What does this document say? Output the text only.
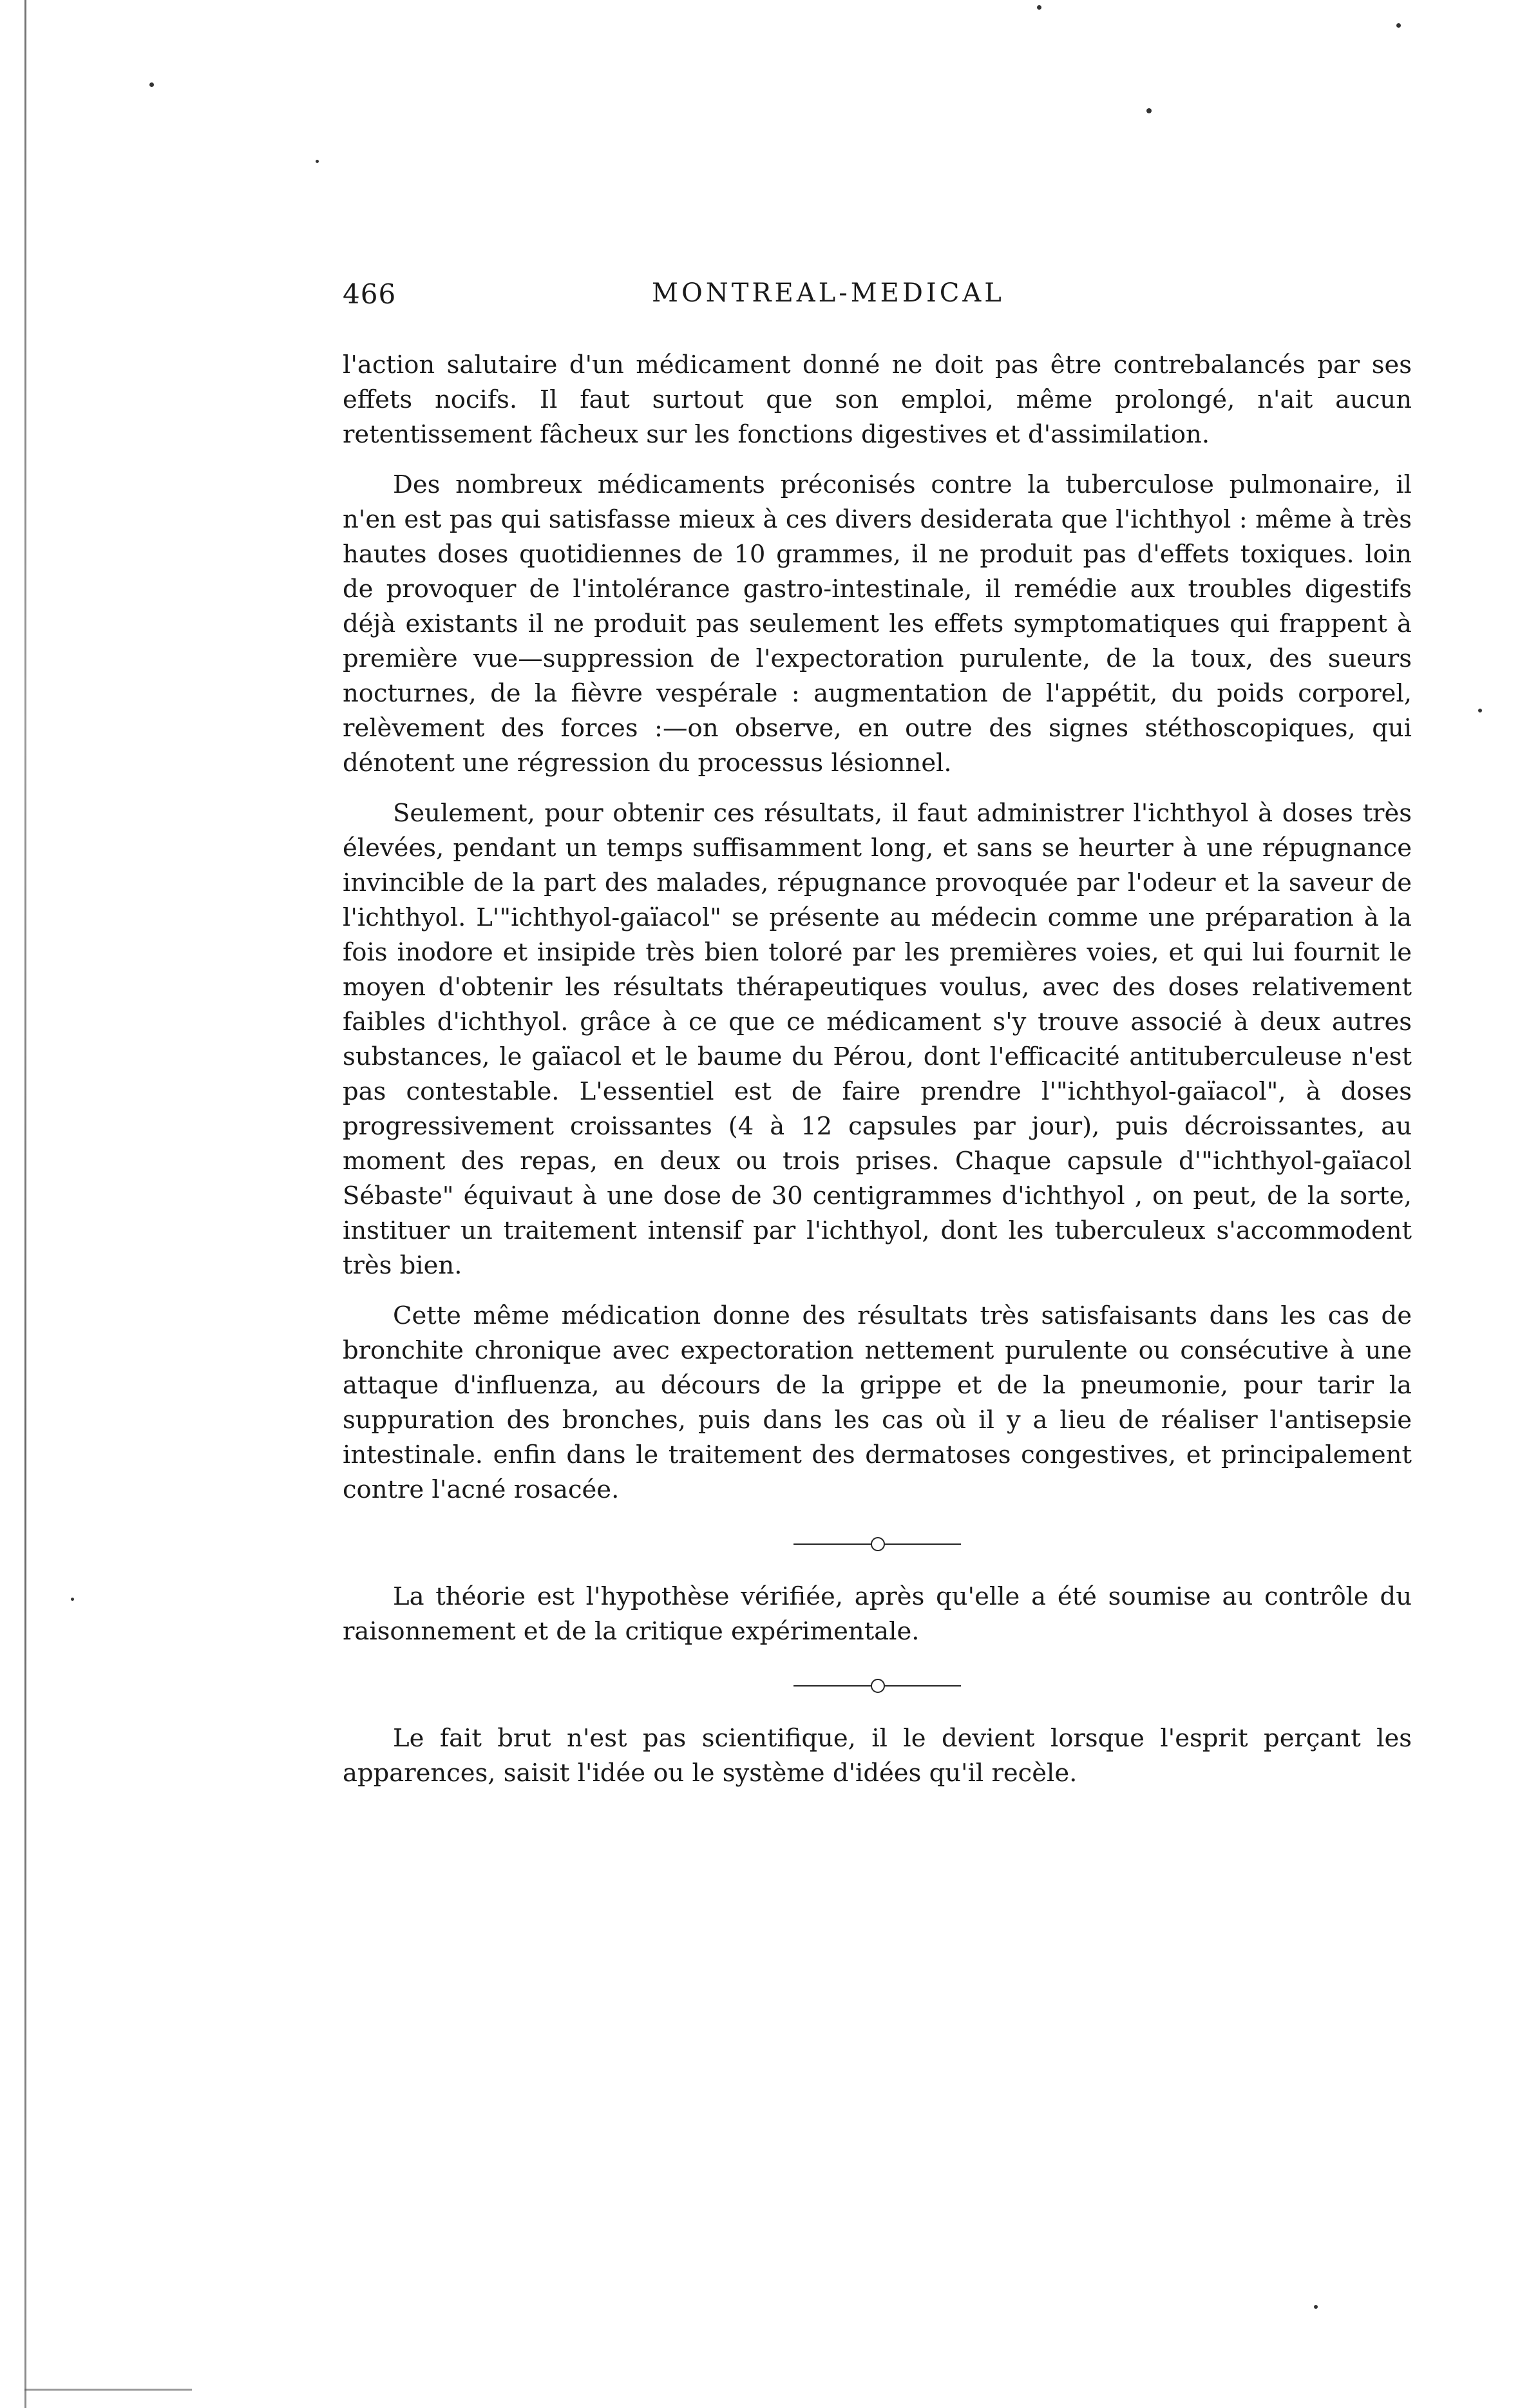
466	MONTREAL-MEDICAL

l'action salutaire d'un médicament donné ne doit pas être contrebalancés par ses effets nocifs. Il faut surtout que son emploi, même prolongé, n'ait aucun retentissement fâcheux sur les fonctions digestives et d'assimilation.

Des nombreux médicaments préconisés contre la tuberculose pulmonaire, il n'en est pas qui satisfasse mieux à ces divers desiderata que l'ichthyol : même à très hautes doses quotidiennes de 10 grammes, il ne produit pas d'effets toxiques. loin de provoquer de l'intolérance gastro-intestinale, il remédie aux troubles digestifs déjà existants il ne produit pas seulement les effets symptomatiques qui frappent à première vue—suppression de l'expectoration purulente, de la toux, des sueurs nocturnes, de la fièvre vespérale : augmentation de l'appétit, du poids corporel, relèvement des forces :—on observe, en outre des signes stéthoscopiques, qui dénotent une régression du processus lésionnel.

Seulement, pour obtenir ces résultats, il faut administrer l'ichthyol à doses très élevées, pendant un temps suffisamment long, et sans se heurter à une répugnance invincible de la part des malades, répugnance provoquée par l'odeur et la saveur de l'ichthyol. L'"ichthyol-gaïacol" se présente au médecin comme une préparation à la fois inodore et insipide très bien toloré par les premières voies, et qui lui fournit le moyen d'obtenir les résultats thérapeutiques voulus, avec des doses relativement faibles d'ichthyol. grâce à ce que ce médicament s'y trouve associé à deux autres substances, le gaïacol et le baume du Pérou, dont l'efficacité antituberculeuse n'est pas contestable. L'essentiel est de faire prendre l'"ichthyol-gaïacol", à doses progressivement croissantes (4 à 12 capsules par jour), puis décroissantes, au moment des repas, en deux ou trois prises. Chaque capsule d'"ichthyol-gaïacol Sébaste" équivaut à une dose de 30 centigrammes d'ichthyol , on peut, de la sorte, instituer un traitement intensif par l'ichthyol, dont les tuberculeux s'accommodent très bien.

Cette même médication donne des résultats très satisfaisants dans les cas de bronchite chronique avec expectoration nettement purulente ou consécutive à une attaque d'influenza, au décours de la grippe et de la pneumonie, pour tarir la suppuration des bronches, puis dans les cas où il y a lieu de réaliser l'antisepsie intestinale. enfin dans le traitement des dermatoses congestives, et principalement contre l'acné rosacée.

La théorie est l'hypothèse vérifiée, après qu'elle a été soumise au contrôle du raisonnement et de la critique expérimentale.

Le fait brut n'est pas scientifique, il le devient lorsque l'esprit perçant les apparences, saisit l'idée ou le système d'idées qu'il recèle.
